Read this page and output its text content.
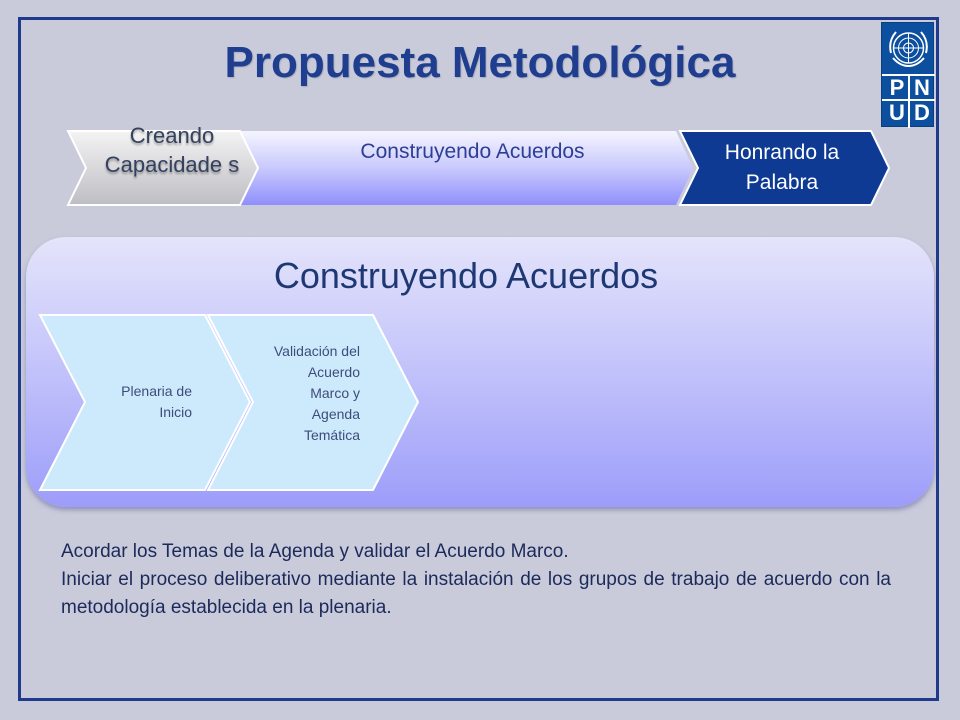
Propuesta Metodológica
P N
U D
Creando Capacidade s
Construyendo Acuerdos	Honrando la Palabra
Construyendo Acuerdos
Plenaria de Inicio
Validación del Acuerdo Marco y Agenda Temática

Acordar los Temas de la Agenda y validar el Acuerdo Marco.

Iniciar el proceso deliberativo mediante la instalación de los grupos de trabajo de acuerdo con la metodología establecida en la plenaria.
